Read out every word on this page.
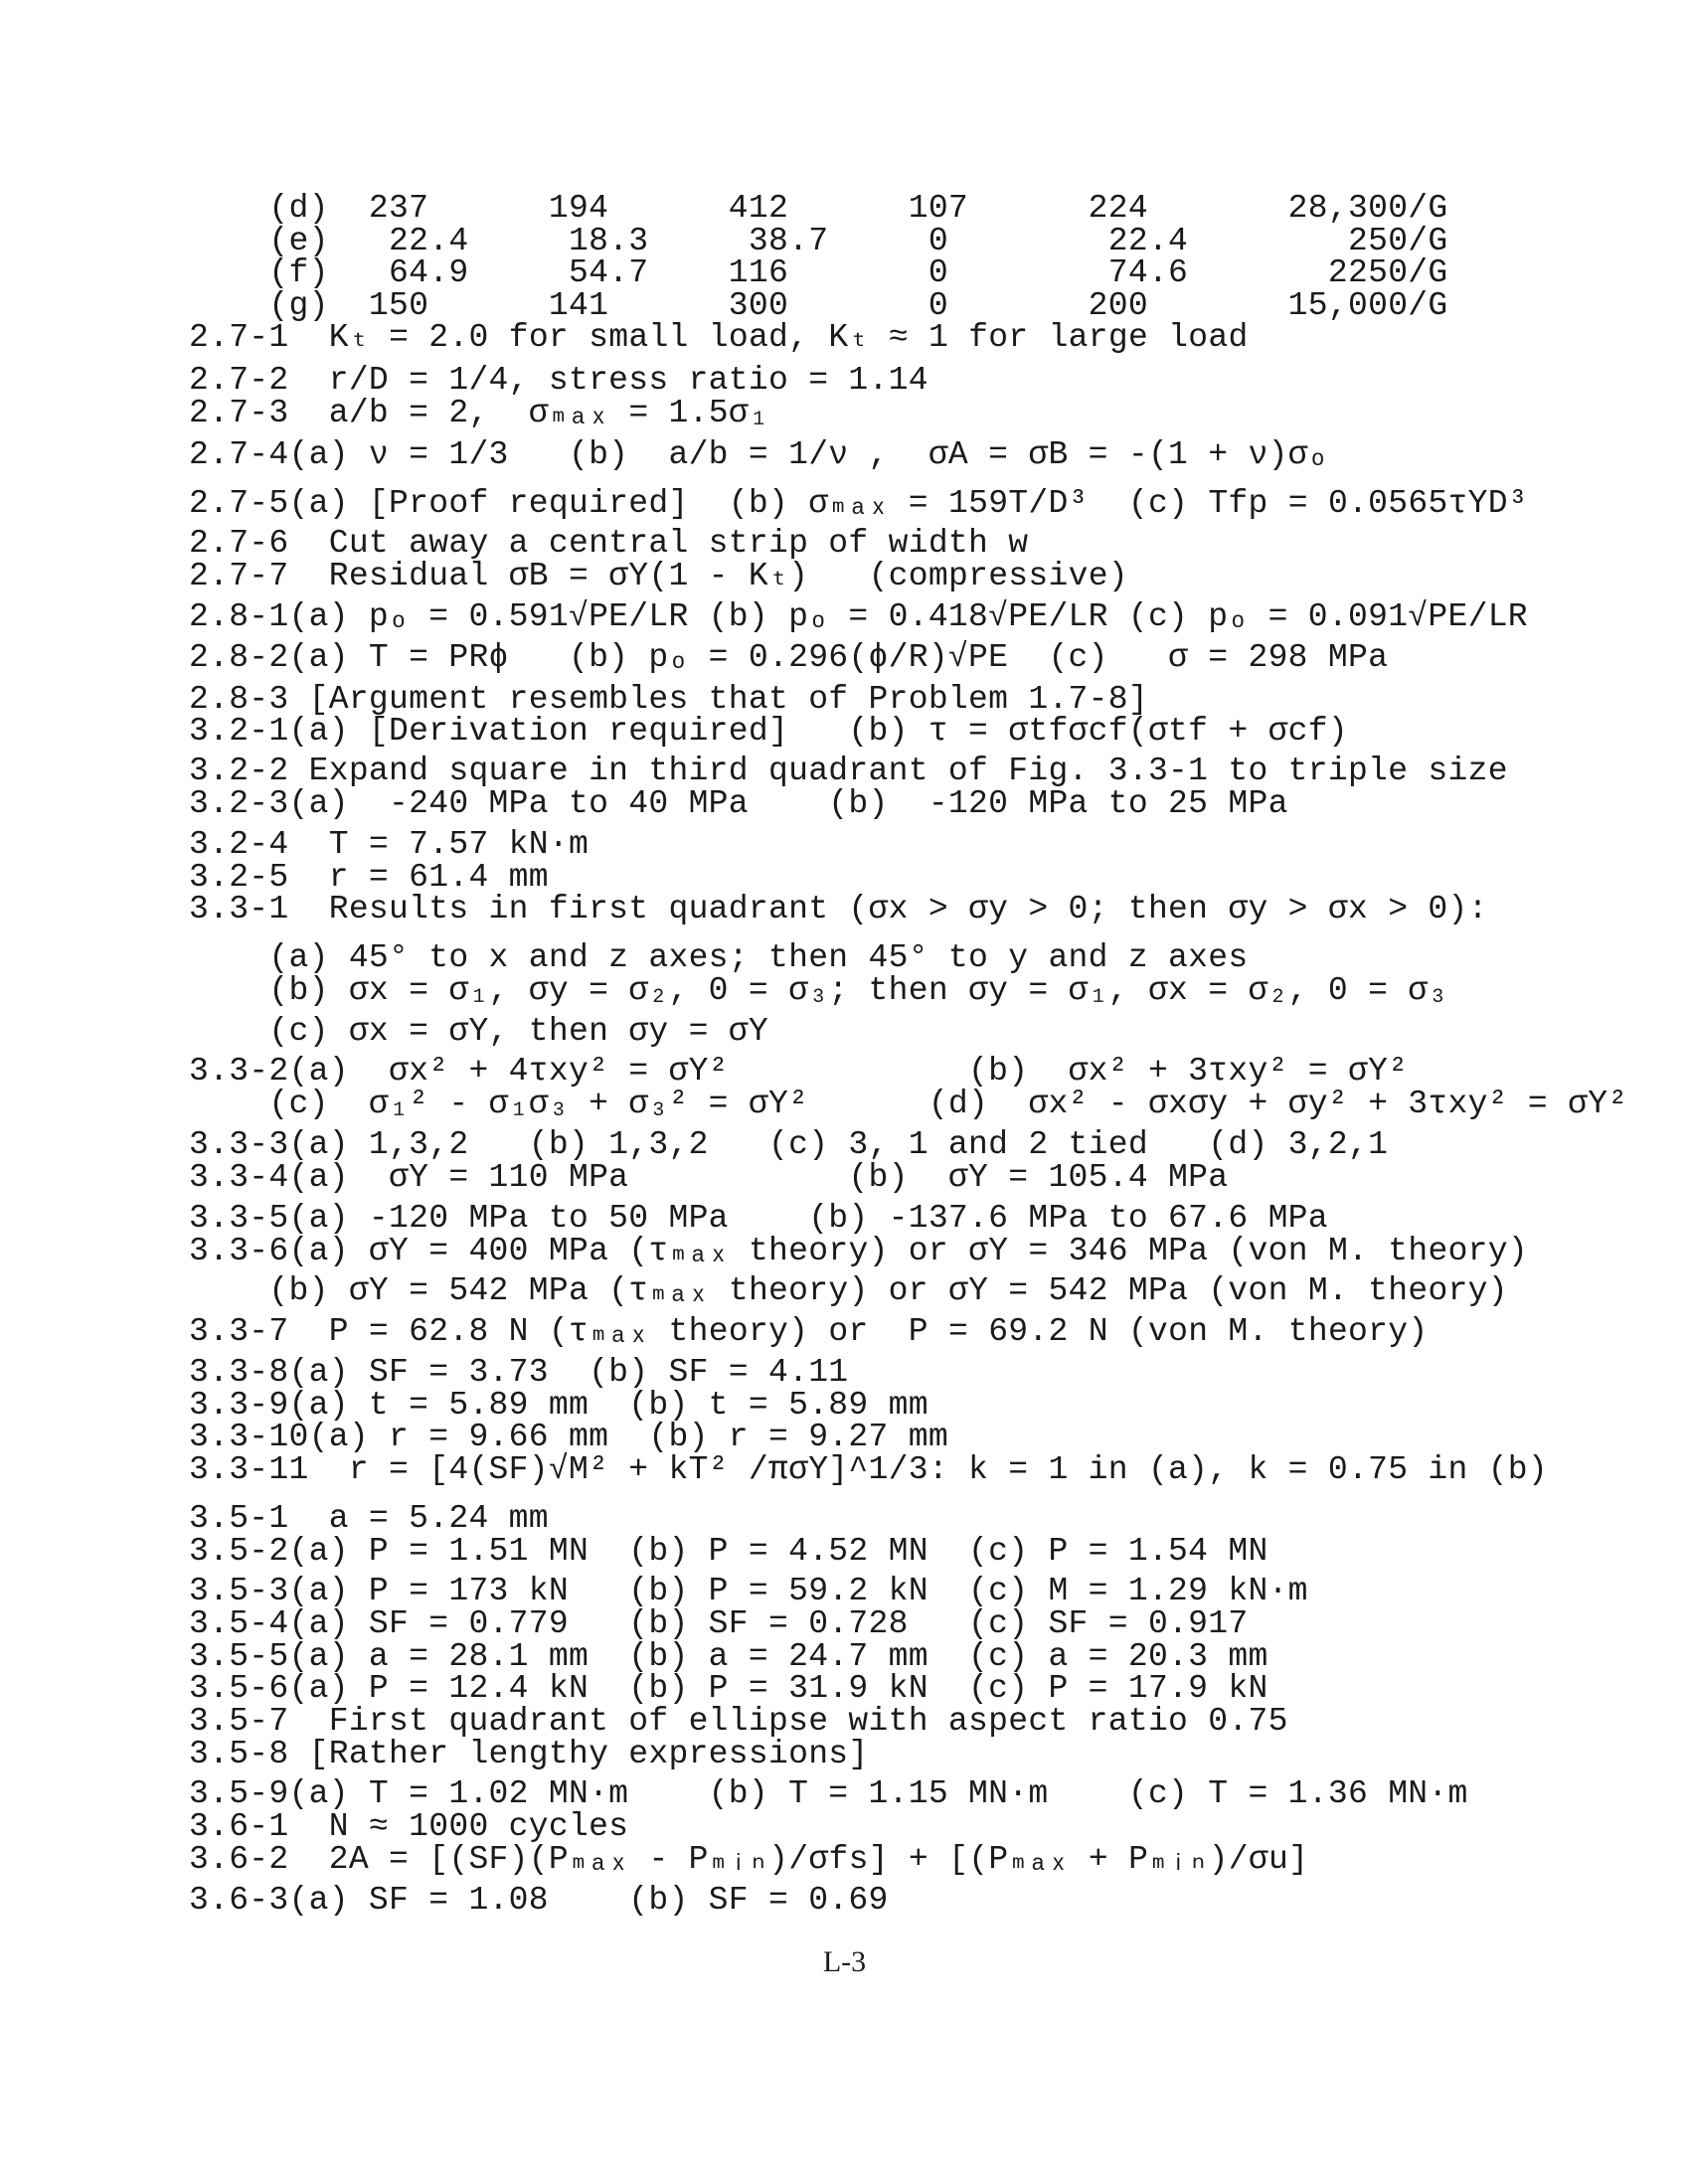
(d)  237      194      412      107      224       28,300/G
(e)   22.4     18.3     38.7     0        22.4        250/G
(f)   64.9     54.7    116       0        74.6       2250/G
(g)  150      141      300       0       200       15,000/G
2.7-1  Kₜ = 2.0 for small load, Kₜ ≈ 1 for large load
2.7-2  r/D = 1/4, stress ratio = 1.14
2.7-3  a/b = 2,  σₘₐₓ = 1.5σ₁
2.7-4(a) ν = 1/3   (b)  a/b = 1/ν ,  σA = σB = -(1 + ν)σₒ
2.7-5(a) [Proof required]  (b) σₘₐₓ = 159T/D³  (c) Tfp = 0.0565τYD³
2.7-6  Cut away a central strip of width w
2.7-7  Residual σB = σY(1 - Kₜ)   (compressive)
2.8-1(a) pₒ = 0.591√PE/LR (b) pₒ = 0.418√PE/LR (c) pₒ = 0.091√PE/LR
2.8-2(a) T = PRϕ   (b) pₒ = 0.296(ϕ/R)√PE  (c)   σ = 298 MPa
2.8-3 [Argument resembles that of Problem 1.7-8]
3.2-1(a) [Derivation required]   (b) τ = σtfσcf(σtf + σcf)
3.2-2 Expand square in third quadrant of Fig. 3.3-1 to triple size
3.2-3(a)  -240 MPa to 40 MPa    (b)  -120 MPa to 25 MPa
3.2-4  T = 7.57 kN·m
3.2-5  r = 61.4 mm
3.3-1  Results in first quadrant (σx > σy > 0; then σy > σx > 0):
(a) 45° to x and z axes; then 45° to y and z axes
(b) σx = σ₁, σy = σ₂, 0 = σ₃; then σy = σ₁, σx = σ₂, 0 = σ₃
(c) σx = σY, then σy = σY
3.3-2(a)  σx² + 4τxy² = σY²            (b)  σx² + 3τxy² = σY²
(c)  σ₁² - σ₁σ₃ + σ₃² = σY²      (d)  σx² - σxσy + σy² + 3τxy² = σY²
3.3-3(a) 1,3,2   (b) 1,3,2   (c) 3, 1 and 2 tied   (d) 3,2,1
3.3-4(a)  σY = 110 MPa           (b)  σY = 105.4 MPa
3.3-5(a) -120 MPa to 50 MPa    (b) -137.6 MPa to 67.6 MPa
3.3-6(a) σY = 400 MPa (τₘₐₓ theory) or σY = 346 MPa (von M. theory)
(b) σY = 542 MPa (τₘₐₓ theory) or σY = 542 MPa (von M. theory)
3.3-7  P = 62.8 N (τₘₐₓ theory) or  P = 69.2 N (von M. theory)
3.3-8(a) SF = 3.73  (b) SF = 4.11
3.3-9(a) t = 5.89 mm  (b) t = 5.89 mm
3.3-10(a) r = 9.66 mm  (b) r = 9.27 mm
3.3-11  r = [4(SF)√M² + kT² /πσY]^1/3: k = 1 in (a), k = 0.75 in (b)
3.5-1  a = 5.24 mm
3.5-2(a) P = 1.51 MN  (b) P = 4.52 MN  (c) P = 1.54 MN
3.5-3(a) P = 173 kN   (b) P = 59.2 kN  (c) M = 1.29 kN·m
3.5-4(a) SF = 0.779   (b) SF = 0.728   (c) SF = 0.917
3.5-5(a) a = 28.1 mm  (b) a = 24.7 mm  (c) a = 20.3 mm
3.5-6(a) P = 12.4 kN  (b) P = 31.9 kN  (c) P = 17.9 kN
3.5-7  First quadrant of ellipse with aspect ratio 0.75
3.5-8 [Rather lengthy expressions]
3.5-9(a) T = 1.02 MN·m    (b) T = 1.15 MN·m    (c) T = 1.36 MN·m
3.6-1  N ≈ 1000 cycles
3.6-2  2A = [(SF)(Pₘₐₓ - Pₘᵢₙ)/σfs] + [(Pₘₐₓ + Pₘᵢₙ)/σu]
3.6-3(a) SF = 1.08    (b) SF = 0.69
L-3
